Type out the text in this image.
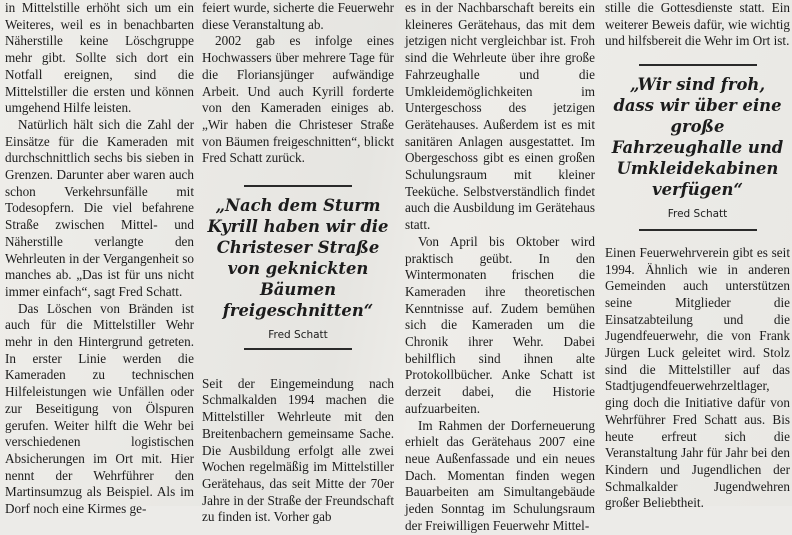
in Mittelstille erhöht sich um ein Weiteres, weil es in benachbarten Näherstille keine Löschgruppe mehr gibt. Sollte sich dort ein Notfall ereignen, sind die Mittelstiller die ersten und können umgehend Hilfe leisten.

Natürlich hält sich die Zahl der Einsätze für die Kameraden mit durchschnittlich sechs bis sieben in Grenzen. Darunter aber waren auch schon Verkehrsunfälle mit Todesopfern. Die viel befahrene Straße zwischen Mittel- und Näherstille verlangte den Wehrleuten in der Vergangenheit so manches ab. „Das ist für uns nicht immer einfach“, sagt Fred Schatt.

Das Löschen von Bränden ist auch für die Mittelstiller Wehr mehr in den Hintergrund getreten. In erster Linie werden die Kameraden zu technischen Hilfeleistungen wie Unfällen oder zur Beseitigung von Ölspuren gerufen. Weiter hilft die Wehr bei verschiedenen logistischen Absicherungen im Ort mit. Hier nennt der Wehrführer den Martinsumzug als Beispiel. Als im Dorf noch eine Kirmes ge-

feiert wurde, sicherte die Feuerwehr diese Veranstaltung ab.

2002 gab es infolge eines Hochwassers über mehrere Tage für die Floriansjünger aufwändige Arbeit. Und auch Kyrill forderte von den Kameraden einiges ab. „Wir haben die Christeser Straße von Bäumen freigeschnitten“, blickt Fred Schatt zurück.

„Nach dem Sturm Kyrill haben wir die Christeser Straße von geknickten Bäumen freigeschnitten“
Fred Schatt

Seit der Eingemeindung nach Schmalkalden 1994 machen die Mittelstiller Wehrleute mit den Breitenbachern gemeinsame Sache. Die Ausbildung erfolgt alle zwei Wochen regelmäßig im Mittelstiller Gerätehaus, das seit Mitte der 70er Jahre in der Straße der Freundschaft zu finden ist. Vorher gab

es in der Nachbarschaft bereits ein kleineres Gerätehaus, das mit dem jetzigen nicht vergleichbar ist. Froh sind die Wehrleute über ihre große Fahrzeughalle und die Umkleidemöglichkeiten im Untergeschoss des jetzigen Gerätehauses. Außerdem ist es mit sanitären Anlagen ausgestattet. Im Obergeschoss gibt es einen großen Schulungsraum mit kleiner Teeküche. Selbstverständlich findet auch die Ausbildung im Gerätehaus statt.

Von April bis Oktober wird praktisch geübt. In den Wintermonaten frischen die Kameraden ihre theoretischen Kenntnisse auf. Zudem bemühen sich die Kameraden um die Chronik ihrer Wehr. Dabei behilflich sind ihnen alte Protokollbücher. Anke Schatt ist derzeit dabei, die Historie aufzuarbeiten.

Im Rahmen der Dorferneuerung erhielt das Gerätehaus 2007 eine neue Außenfassade und ein neues Dach. Momentan finden wegen Bauarbeiten am Simultangebäude jeden Sonntag im Schulungsraum der Freiwilligen Feuerwehr Mittel-

stille die Gottesdienste statt. Ein weiterer Beweis dafür, wie wichtig und hilfsbereit die Wehr im Ort ist.

„Wir sind froh, dass wir über eine große Fahrzeughalle und Umkleidekabinen verfügen“
Fred Schatt

Einen Feuerwehrverein gibt es seit 1994. Ähnlich wie in anderen Gemeinden auch unterstützen seine Mitglieder die Einsatzabteilung und die Jugendfeuerwehr, die von Frank Jürgen Luck geleitet wird. Stolz sind die Mittelstiller auf das Stadtjugendfeuerwehrzeltlager, ging doch die Initiative dafür von Wehrführer Fred Schatt aus. Bis heute erfreut sich die Veranstaltung Jahr für Jahr bei den Kindern und Jugendlichen der Schmalkalder Jugendwehren großer Beliebtheit.
